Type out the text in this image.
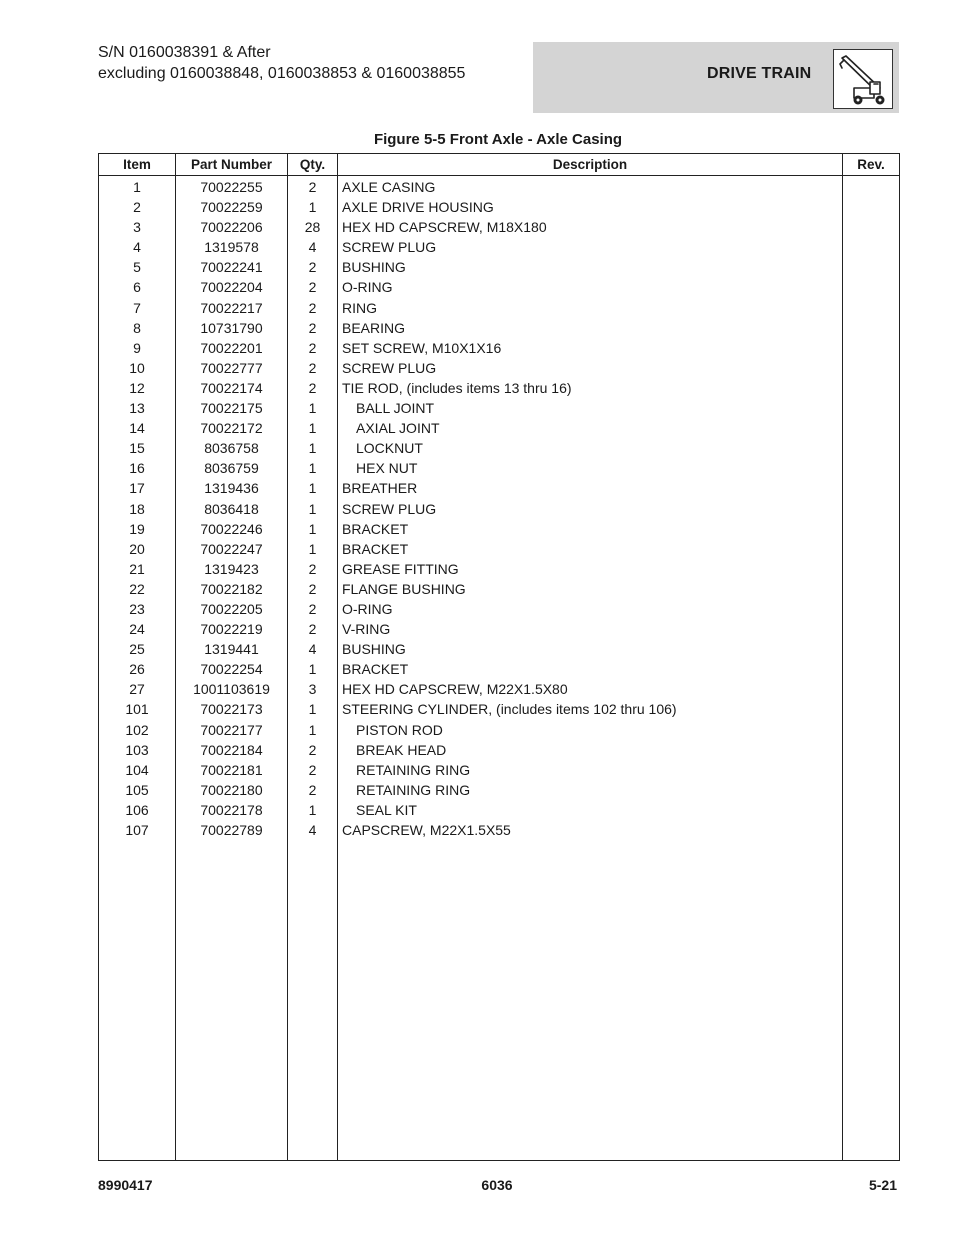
S/N 0160038391 & After
excluding 0160038848, 0160038853 & 0160038855	DRIVE TRAIN
Figure 5-5 Front Axle - Axle Casing
Item	Part Number	Qty.	Description	Rev.
1	70022255	2	AXLE CASING	
2	70022259	1	AXLE DRIVE HOUSING	
3	70022206	28	HEX HD CAPSCREW, M18X180	
4	1319578	4	SCREW PLUG	
5	70022241	2	BUSHING	
6	70022204	2	O-RING	
7	70022217	2	RING	
8	10731790	2	BEARING	
9	70022201	2	SET SCREW, M10X1X16	
10	70022777	2	SCREW PLUG	
12	70022174	2	TIE ROD, (includes items 13 thru 16)	
13	70022175	1	BALL JOINT	
14	70022172	1	AXIAL JOINT	
15	8036758	1	LOCKNUT	
16	8036759	1	HEX NUT	
17	1319436	1	BREATHER	
18	8036418	1	SCREW PLUG	
19	70022246	1	BRACKET	
20	70022247	1	BRACKET	
21	1319423	2	GREASE FITTING	
22	70022182	2	FLANGE BUSHING	
23	70022205	2	O-RING	
24	70022219	2	V-RING	
25	1319441	4	BUSHING	
26	70022254	1	BRACKET	
27	1001103619	3	HEX HD CAPSCREW, M22X1.5X80	
101	70022173	1	STEERING CYLINDER, (includes items 102 thru 106)	
102	70022177	1	PISTON ROD	
103	70022184	2	BREAK HEAD	
104	70022181	2	RETAINING RING	
105	70022180	2	RETAINING RING	
106	70022178	1	SEAL KIT	
107	70022789	4	CAPSCREW, M22X1.5X55	

8990417	6036	5-21
